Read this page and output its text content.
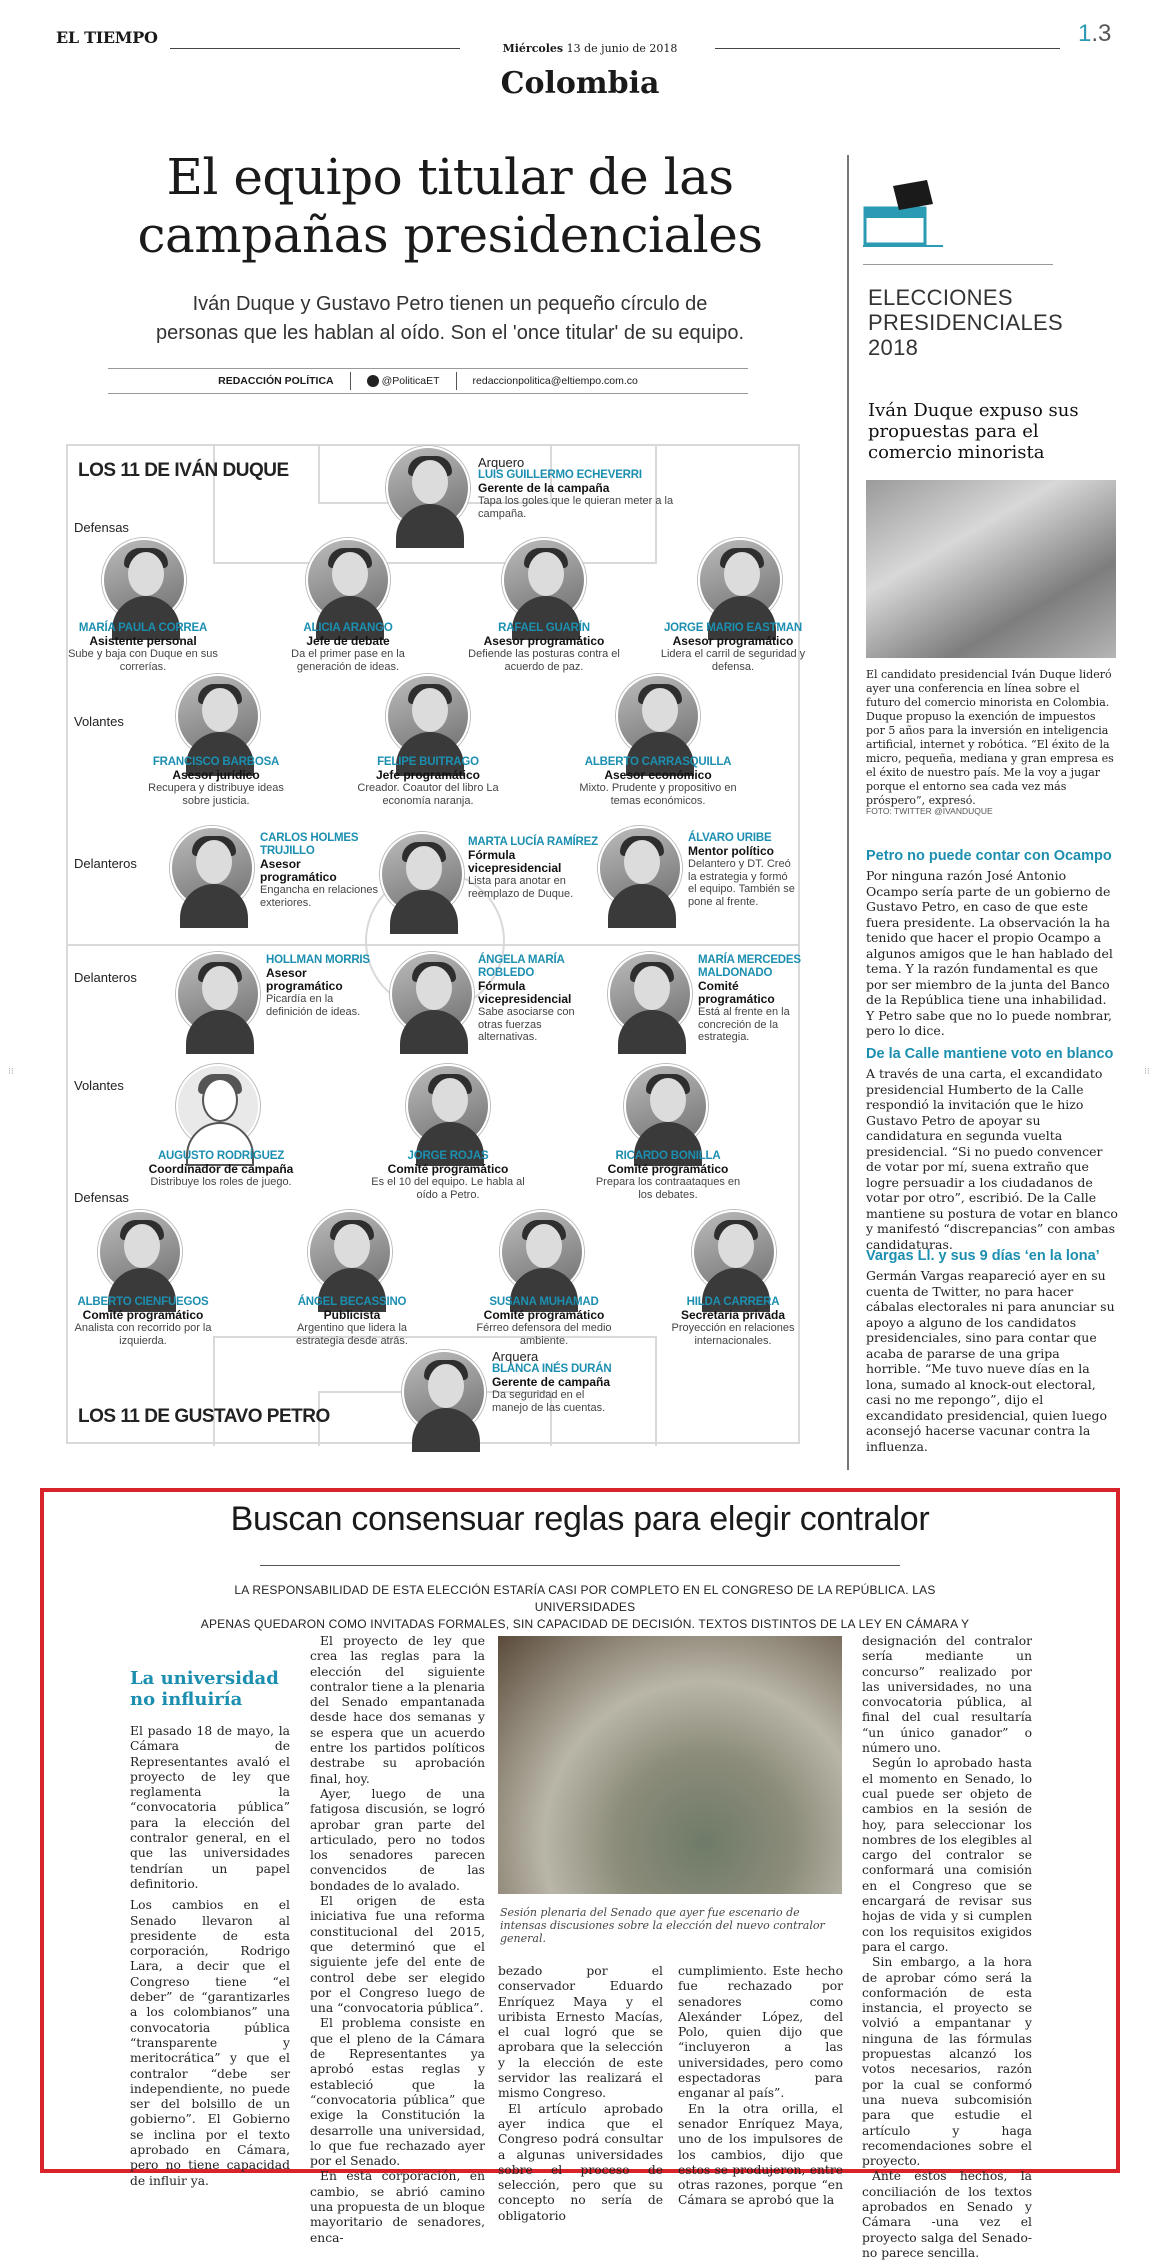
EL TIEMPO
Miércoles 13 de junio de 2018
1.3
Colombia
El equipo titular de las
campañas presidenciales
Iván Duque y Gustavo Petro tienen un pequeño círculo de
personas que les hablan al oído. Son el 'once titular' de su equipo.
REDACCIÓN POLÍTICA	@PoliticaET	redaccionpolitica@eltiempo.com.co
LOS 11 DE IVÁN DUQUE
LOS 11 DE GUSTAVO PETRO
Defensas
Volantes
Delanteros
Delanteros
Volantes
Defensas
Arquero
LUIS GUILLERMO ECHEVERRI
Gerente de la campaña
Tapa los goles que le quieran meter a la campaña.
MARÍA PAULA CORREA
Asistente personal
Sube y baja con Duque en sus correrías.
ALICIA ARANGO
Jefe de debate
Da el primer pase en la generación de ideas.
RAFAEL GUARÍN
Asesor programático
Defiende las posturas contra el acuerdo de paz.
JORGE MARIO EASTMAN
Asesor programático
Lidera el carril de seguridad y defensa.
FRANCISCO BARBOSA
Asesor jurídico
Recupera y distribuye ideas sobre justicia.
FELIPE BUITRAGO
Jefe programático
Creador. Coautor del libro La economía naranja.
ALBERTO CARRASQUILLA
Asesor económico
Mixto. Prudente y propositivo en temas económicos.
CARLOS HOLMES TRUJILLO
Asesor programático
Engancha en relaciones exteriores.
MARTA LUCÍA RAMÍREZ
Fórmula vicepresidencial
Lista para anotar en reemplazo de Duque.
ÁLVARO URIBE
Mentor político
Delantero y DT. Creó la estrategia y formó el equipo. También se pone al frente.
HOLLMAN MORRIS
Asesor programático
Picardía en la definición de ideas.
ÁNGELA MARÍA ROBLEDO
Fórmula vicepresidencial
Sabe asociarse con otras fuerzas alternativas.
MARÍA MERCEDES MALDONADO
Comité programático
Está al frente en la concreción de la estrategia.
AUGUSTO RODRÍGUEZ
Coordinador de campaña
Distribuye los roles de juego.
JORGE ROJAS
Comité programático
Es el 10 del equipo. Le habla al oído a Petro.
RICARDO BONILLA
Comité programático
Prepara los contraataques en los debates.
ALBERTO CIENFUEGOS
Comité programático
Analista con recorrido por la izquierda.
ÁNGEL BECASSINO
Publicista
Argentino que lidera la estrategia desde atrás.
SUSANA MUHAMAD
Comité programático
Férreo defensora del medio ambiente.
HILDA CARRERA
Secretaria privada
Proyección en relaciones internacionales.
Arquera
BLANCA INÉS DURÁN
Gerente de campaña
Da seguridad en el manejo de las cuentas.
ELECCIONES
PRESIDENCIALES
2018
Iván Duque expuso sus propuestas para el comercio minorista
El candidato presidencial Iván Duque lideró ayer una conferencia en línea sobre el futuro del comercio minorista en Colombia. Duque propuso la exención de impuestos por 5 años para la inversión en inteligencia artificial, internet y robótica. “El éxito de la micro, pequeña, mediana y gran empresa es el éxito de nuestro país. Me la voy a jugar porque el entorno sea cada vez más próspero”, expresó.
FOTO: TWITTER @IVANDUQUE
Petro no puede contar con Ocampo
Por ninguna razón José Antonio Ocampo sería parte de un gobierno de Gustavo Petro, en caso de que este fuera presidente. La observación la ha tenido que hacer el propio Ocampo a algunos amigos que le han hablado del tema. Y la razón fundamental es que por ser miembro de la junta del Banco de la República tiene una inhabilidad. Y Petro sabe que no lo puede nombrar, pero lo dice.
De la Calle mantiene voto en blanco
A través de una carta, el excandidato presidencial Humberto de la Calle respondió la invitación que le hizo Gustavo Petro de apoyar su candidatura en segunda vuelta presidencial. “Si no puedo convencer de votar por mí, suena extraño que logre persuadir a los ciudadanos de votar por otro”, escribió. De la Calle mantiene su postura de votar en blanco y manifestó “discrepancias” con ambas candidaturas.
Vargas Ll. y sus 9 días ‘en la lona’
Germán Vargas reapareció ayer en su cuenta de Twitter, no para hacer cábalas electorales ni para anunciar su apoyo a alguno de los candidatos presidenciales, sino para contar que acaba de pararse de una gripa horrible. “Me tuvo nueve días en la lona, sumado al knock-out electoral, casi no me repongo”, dijo el excandidato presidencial, quien luego aconsejó hacerse vacunar contra la influenza.
⁝⁝	⁝⁝
Buscan consensuar reglas para elegir contralor
LA RESPONSABILIDAD DE ESTA ELECCIÓN ESTARÍA CASI POR COMPLETO EN EL CONGRESO DE LA REPÚBLICA. LAS UNIVERSIDADES
APENAS QUEDARON COMO INVITADAS FORMALES, SIN CAPACIDAD DE DECISIÓN. TEXTOS DISTINTOS DE LA LEY EN CÁMARA Y
La universidad no influiría

El pasado 18 de mayo, la Cámara de Representantes avaló el proyecto de ley que reglamenta la “convocatoria pública” para la elección del contralor general, en el que las universidades tendrían un papel definitorio.

Los cambios en el Senado llevaron al presidente de esta corporación, Rodrigo Lara, a decir que el Congreso tiene “el deber” de “garantizarles a los colombianos” una convocatoria pública “transparente y meritocrática” y que el contralor “debe ser independiente, no puede ser del bolsillo de un gobierno”. El Gobierno se inclina por el texto aprobado en Cámara, pero no tiene capacidad de influir ya.

El proyecto de ley que crea las reglas para la elección del siguiente contralor tiene a la plenaria del Senado empantanada desde hace dos semanas y se espera que un acuerdo entre los partidos políticos destrabe su aprobación final, hoy.

Ayer, luego de una fatigosa discusión, se logró aprobar gran parte del articulado, pero no todos los senadores parecen convencidos de las bondades de lo avalado.

El origen de esta iniciativa fue una reforma constitucional del 2015, que determinó que el siguiente jefe del ente de control debe ser elegido por el Congreso luego de una “convocatoria pública”.

El problema consiste en que el pleno de la Cámara de Representantes ya aprobó estas reglas y estableció que la “convocatoria pública” que exige la Constitución la desarrolle una universidad, lo que fue rechazado ayer por el Senado.

En esta corporación, en cambio, se abrió camino una propuesta de un bloque mayoritario de senadores, enca-

Sesión plenaria del Senado que ayer fue escenario de intensas discusiones sobre la elección del nuevo contralor general.

bezado por el conservador Eduardo Enríquez Maya y el uribista Ernesto Macías, el cual logró que se aprobara que la selección y la elección de este servidor las realizará el mismo Congreso.

El artículo aprobado ayer indica que el Congreso podrá consultar a algunas universidades sobre el proceso de selección, pero que su concepto no sería de obligatorio

cumplimiento. Este hecho fue rechazado por senadores como Alexánder López, del Polo, quien dijo que “incluyeron a las universidades, pero como espectadoras para enganar al país”.

En la otra orilla, el senador Enríquez Maya, uno de los impulsores de los cambios, dijo que estos se produjeron, entre otras razones, porque “en Cámara se aprobó que la

designación del contralor sería mediante un concurso” realizado por las universidades, no una convocatoria pública, al final del cual resultaría “un único ganador” o número uno.

Según lo aprobado hasta el momento en Senado, lo cual puede ser objeto de cambios en la sesión de hoy, para seleccionar los nombres de los elegibles al cargo del contralor se conformará una comisión en el Congreso que se encargará de revisar sus hojas de vida y si cumplen con los requisitos exigidos para el cargo.

Sin embargo, a la hora de aprobar cómo será la conformación de esta instancia, el proyecto se volvió a empantanar y ninguna de las fórmulas propuestas alcanzó los votos necesarios, razón por la cual se conformó una nueva subcomisión para que estudie el artículo y haga recomendaciones sobre el proyecto.

Ante estos hechos, la conciliación de los textos aprobados en Senado y Cámara -una vez el proyecto salga del Senado- no parece sencilla.
